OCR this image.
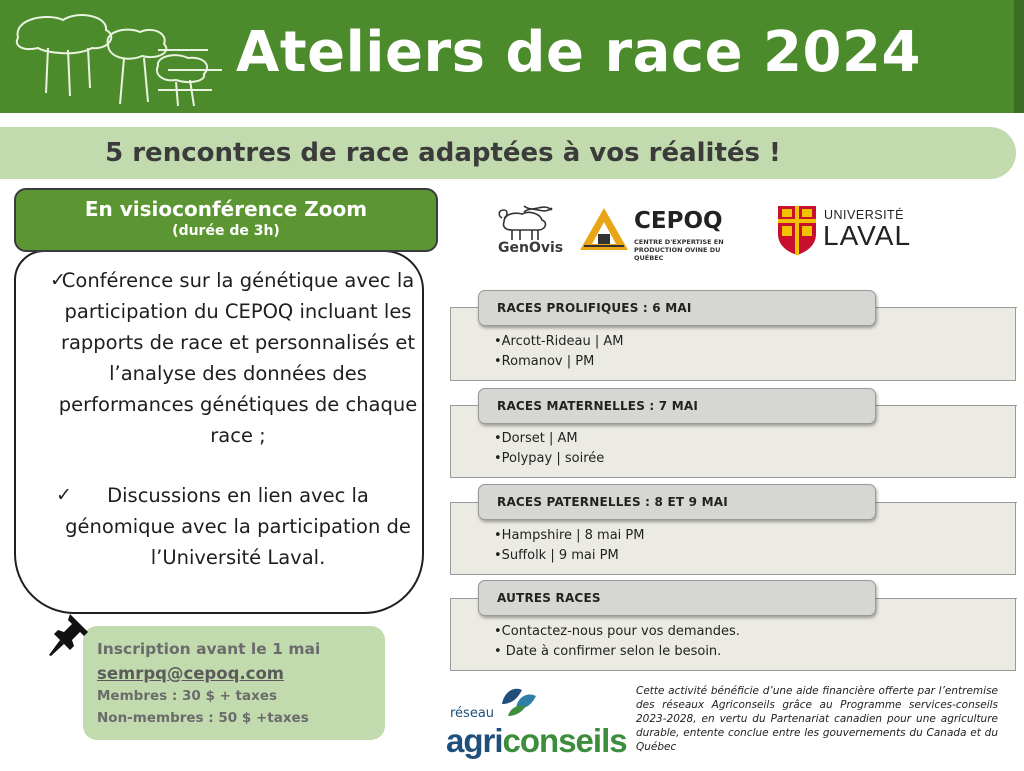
Ateliers de race 2024
5 rencontres de race adaptées à vos réalités !
En visioconférence Zoom
(durée de 3h)
✓
Conférence sur la génétique avec la participation du CEPOQ incluant les rapports de race et personnalisés et l’analyse des données des performances génétiques de chaque race ;
✓ Discussions en lien avec la génomique avec la participation de l’Université Laval.
Inscription avant le 1 mai
semrpq@cepoq.com
Membres : 30 $ + taxes
Non-membres : 50 $ +taxes
GenOvis
CEPOQ
CENTRE D'EXPERTISE EN PRODUCTION OVINE DU QUÉBEC
UNIVERSITÉ
LAVAL
RACES PROLIFIQUES : 6 MAI
•Arcott-Rideau | AM
•Romanov | PM
RACES MATERNELLES : 7 MAI
•Dorset | AM
•Polypay | soirée
RACES PATERNELLES : 8 ET 9 MAI
•Hampshire | 8 mai PM
•Suffolk | 9 mai PM
AUTRES RACES
•Contactez-nous pour vos demandes.
• Date à confirmer selon le besoin.
réseau
agriconseils
Cette activité bénéficie d’une aide financière offerte par l’entremise des réseaux Agriconseils grâce au Programme services-conseils 2023-2028, en vertu du Partenariat canadien pour une agriculture durable, entente conclue entre les gouvernements du Canada et du Québec
